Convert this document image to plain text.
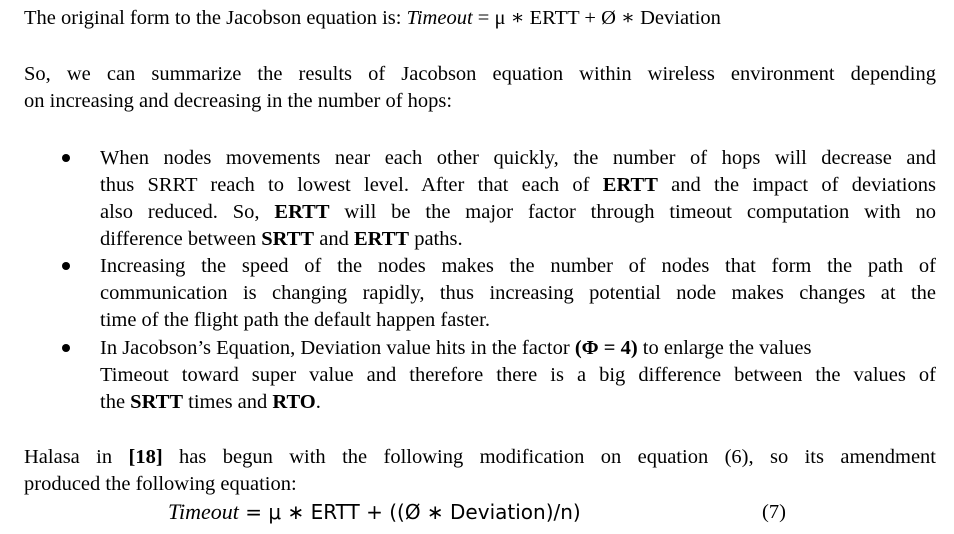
The original form to the Jacobson equation is: Timeout = μ ∗ ERTT + Ø ∗ Deviation
So, we can summarize the results of Jacobson equation within wireless environment depending
on increasing and decreasing in the number of hops:
When nodes movements near each other quickly, the number of hops will decrease and
thus SRRT reach to lowest level. After that each of ERTT and the impact of deviations
also reduced. So, ERTT will be the major factor through timeout computation with no
difference between SRTT and ERTT paths.
Increasing the speed of the nodes makes the number of nodes that form the path of
communication is changing rapidly, thus increasing potential node makes changes at the
time of the flight path the default happen faster.
In Jacobson’s Equation, Deviation value hits in the factor (Φ = 4) to enlarge the values
Timeout toward super value and therefore there is a big difference between the values of
the SRTT times and RTO.
Halasa in [18] has begun with the following modification on equation (6), so its amendment
produced the following equation:
Timeout = μ ∗ ERTT + ((Ø ∗ Deviation)/n)	(7)
